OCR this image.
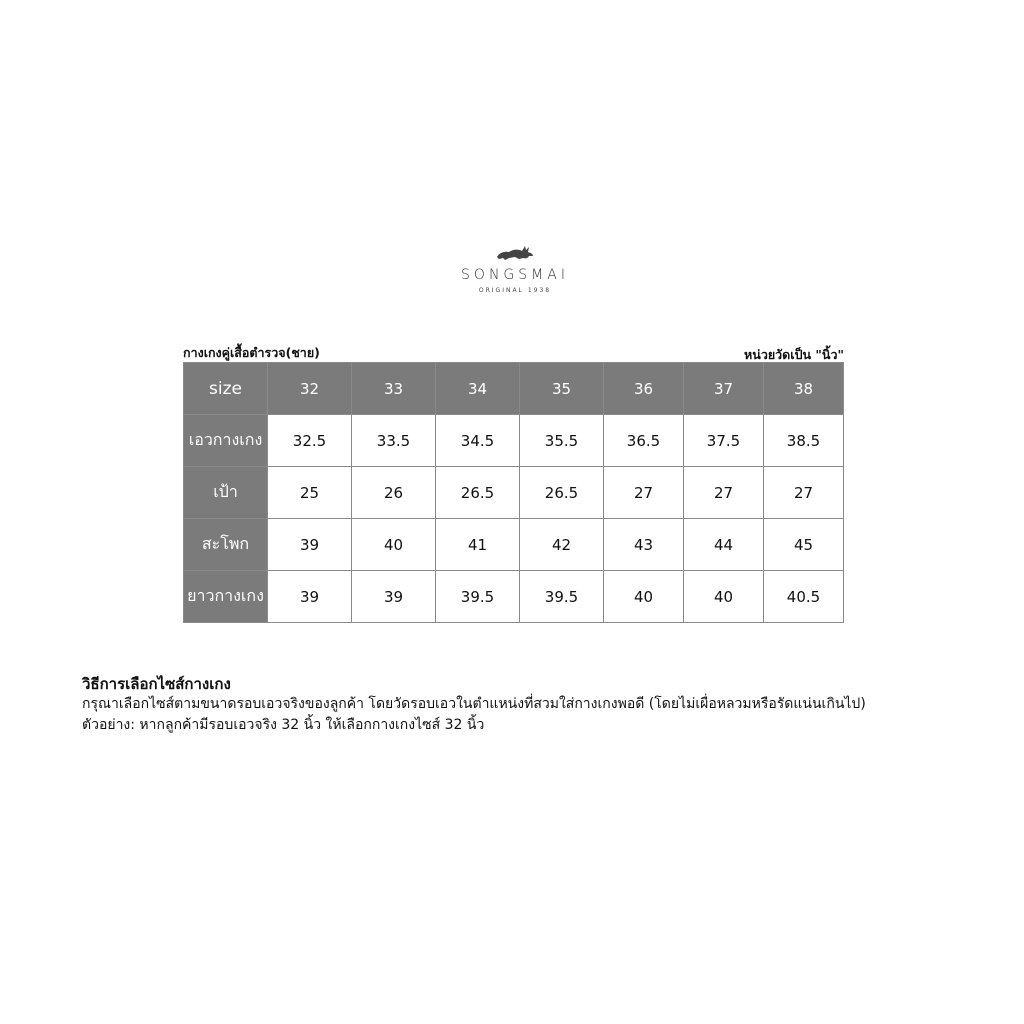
SONGSMAI
ORIGINAL 1938
กางเกงคู่เสื้อตำรวจ(ชาย)	หน่วยวัดเป็น "นิ้ว"
size	32	33	34	35	36	37	38
เอวกางเกง	32.5	33.5	34.5	35.5	36.5	37.5	38.5
เป้า	25	26	26.5	26.5	27	27	27
สะโพก	39	40	41	42	43	44	45
ยาวกางเกง	39	39	39.5	39.5	40	40	40.5
วิธีการเลือกไซส์กางเกง
กรุณาเลือกไซส์ตามขนาดรอบเอวจริงของลูกค้า โดยวัดรอบเอวในตำแหน่งที่สวมใส่กางเกงพอดี (โดยไม่เผื่อหลวมหรือรัดแน่นเกินไป)
ตัวอย่าง: หากลูกค้ามีรอบเอวจริง 32 นิ้ว ให้เลือกกางเกงไซส์ 32 นิ้ว
